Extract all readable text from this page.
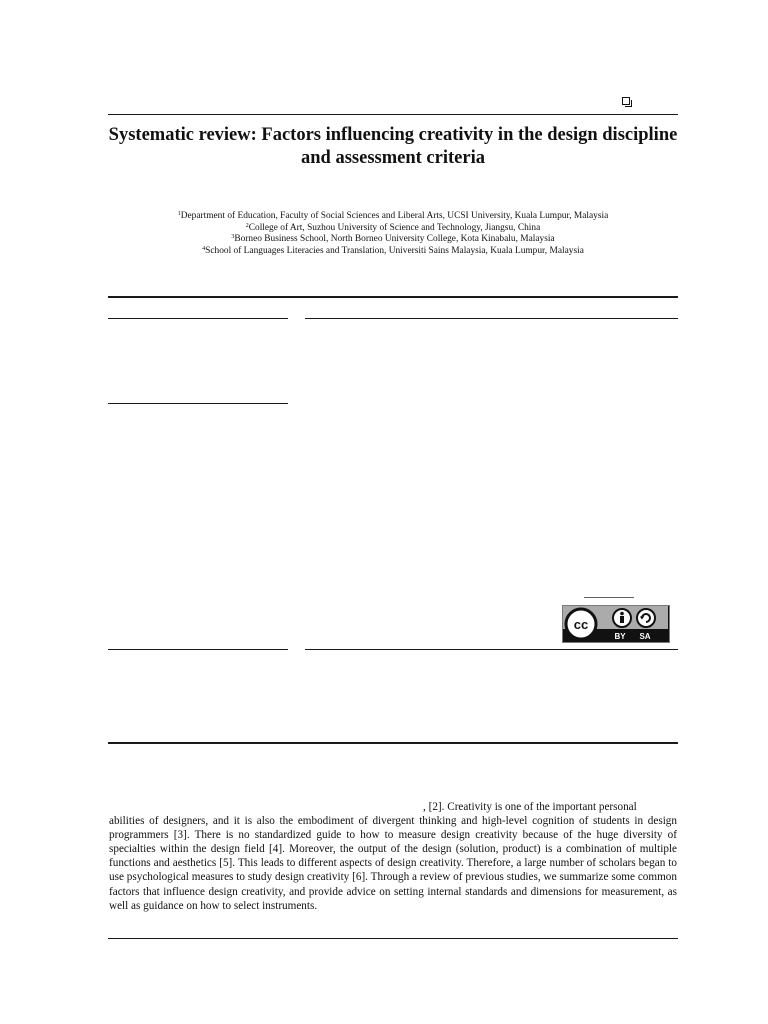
Systematic review: Factors influencing creativity in the design discipline and assessment criteria
$^1$Department of Education, Faculty of Social Sciences and Liberal Arts, UCSI University, Kuala Lumpur, Malaysia
$^2$College of Art, Suzhou University of Science and Technology, Jiangsu, China
$^3$Borneo Business School, North Borneo University College, Kota Kinabalu, Malaysia
$^4$School of Languages Literacies and Translation, Universiti Sains Malaysia, Kuala Lumpur, Malaysia
cc
BY SA
, [2]. Creativity is one of the important personal
abilities of designers, and it is also the embodiment of divergent thinking and high-level cognition of students in design programmers [3]. There is no standardized guide to how to measure design creativity because of the huge diversity of specialties within the design field [4]. Moreover, the output of the design (solution, product) is a combination of multiple functions and aesthetics [5]. This leads to different aspects of design creativity. Therefore, a large number of scholars began to use psychological measures to study design creativity [6]. Through a review of previous studies, we summarize some common factors that influence design creativity, and provide advice on setting internal standards and dimensions for measurement, as well as guidance on how to select instruments.
